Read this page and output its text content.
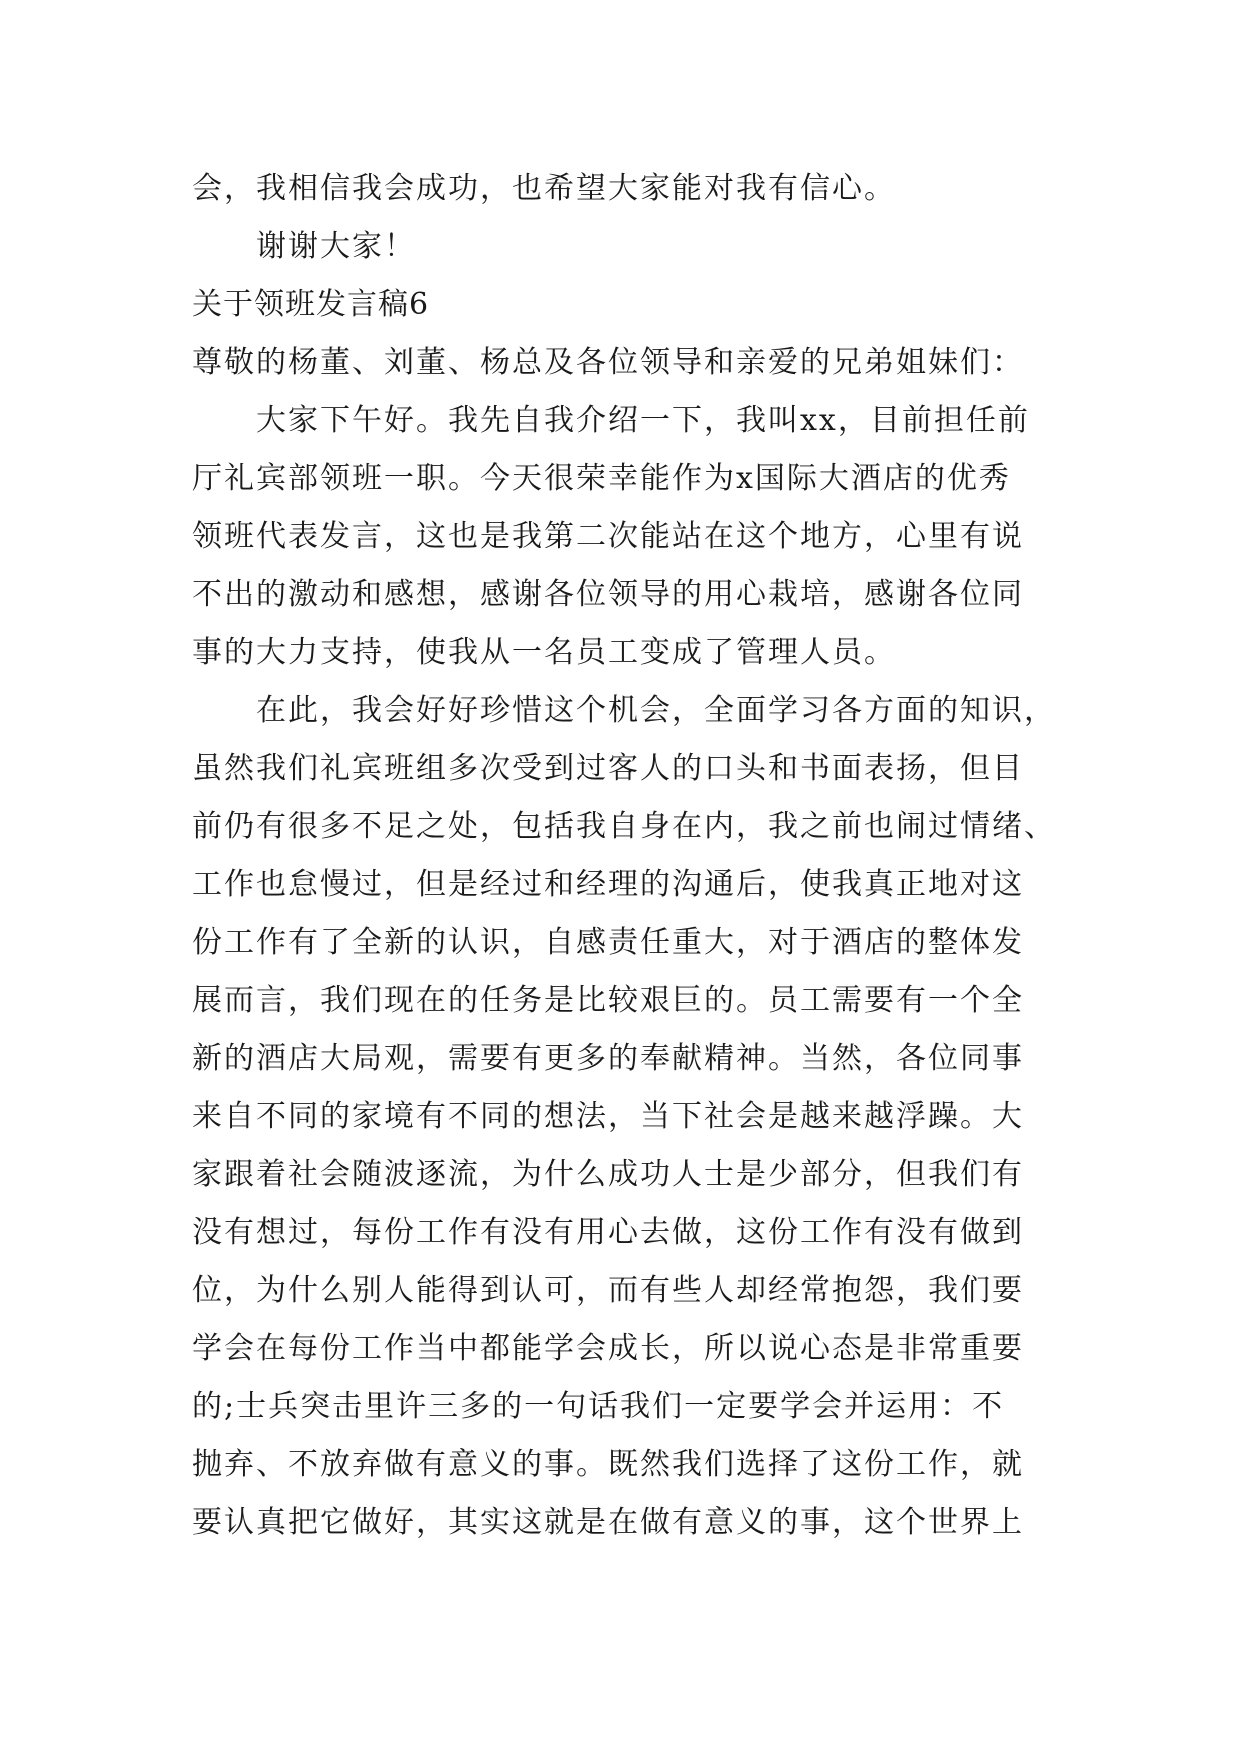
会，我相信我会成功，也希望大家能对我有信心。
谢谢大家！
关于领班发言稿6
尊敬的杨董、刘董、杨总及各位领导和亲爱的兄弟姐妹们：
大家下午好。我先自我介绍一下，我叫xx，目前担任前
厅礼宾部领班一职。今天很荣幸能作为x国际大酒店的优秀
领班代表发言，这也是我第二次能站在这个地方，心里有说
不出的激动和感想，感谢各位领导的用心栽培，感谢各位同
事的大力支持，使我从一名员工变成了管理人员。
在此，我会好好珍惜这个机会，全面学习各方面的知识，
虽然我们礼宾班组多次受到过客人的口头和书面表扬，但目
前仍有很多不足之处，包括我自身在内，我之前也闹过情绪、
工作也怠慢过，但是经过和经理的沟通后，使我真正地对这
份工作有了全新的认识，自感责任重大，对于酒店的整体发
展而言，我们现在的任务是比较艰巨的。员工需要有一个全
新的酒店大局观，需要有更多的奉献精神。当然，各位同事
来自不同的家境有不同的想法，当下社会是越来越浮躁。大
家跟着社会随波逐流，为什么成功人士是少部分，但我们有
没有想过，每份工作有没有用心去做，这份工作有没有做到
位，为什么别人能得到认可，而有些人却经常抱怨，我们要
学会在每份工作当中都能学会成长，所以说心态是非常重要
的;士兵突击里许三多的一句话我们一定要学会并运用：不
抛弃、不放弃做有意义的事。既然我们选择了这份工作，就
要认真把它做好，其实这就是在做有意义的事，这个世界上
